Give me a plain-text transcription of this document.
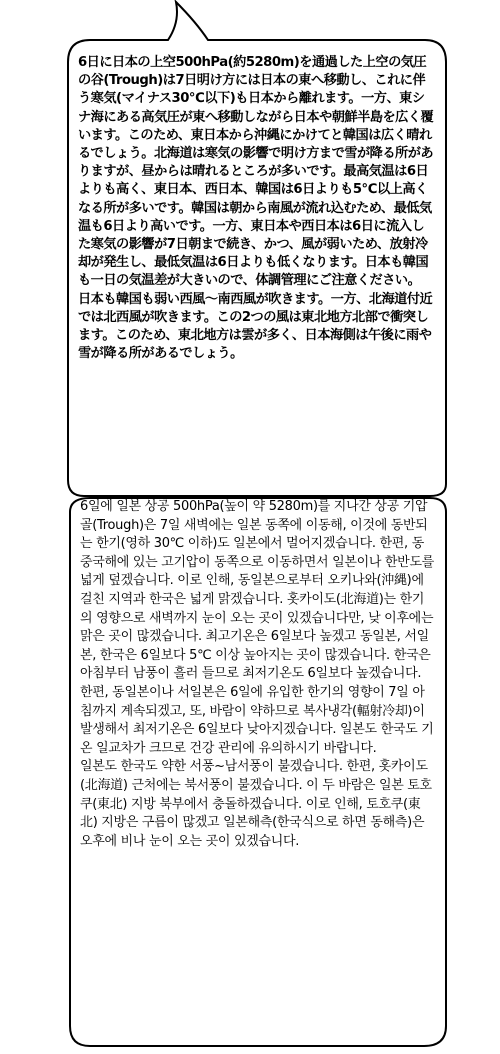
6日に日本の上空500hPa(約5280m)を通過した上空の気圧の谷(Trough)は7日明け方には日本の東へ移動し、これに伴う寒気(マイナス30℃以下)も日本から離れます。一方、東シナ海にある高気圧が東へ移動しながら日本や朝鮮半島を広く覆います。このため、東日本から沖縄にかけてと韓国は広く晴れるでしょう。北海道は寒気の影響で明け方まで雪が降る所がありますが、昼からは晴れるところが多いです。最高気温は6日よりも高く、東日本、西日本、韓国は6日よりも5℃以上高くなる所が多いです。韓国は朝から南風が流れ込むため、最低気温も6日より高いです。一方、東日本や西日本は6日に流入した寒気の影響が7日朝まで続き、かつ、風が弱いため、放射冷却が発生し、最低気温は6日よりも低くなります。日本も韓国も一日の気温差が大きいので、体調管理にご注意ください。

日本も韓国も弱い西風～南西風が吹きます。一方、北海道付近では北西風が吹きます。この2つの風は東北地方北部で衝突します。このため、東北地方は雲が多く、日本海側は午後に雨や雪が降る所があるでしょう。

6일에 일본 상공 500hPa(높이 약 5280m)를 지나간 상공 기압골(Trough)은 7일 새벽에는 일본 동쪽에 이동해, 이것에 동반되는 한기(영하 30℃ 이하)도 일본에서 멀어지겠습니다. 한편, 동중국해에 있는 고기압이 동쪽으로 이동하면서 일본이나 한반도를 넓게 덮겠습니다. 이로 인해, 동일본으로부터 오키나와(沖縄)에 걸친 지역과 한국은 넓게 맑겠습니다. 홋카이도(北海道)는 한기의 영향으로 새벽까지 눈이 오는 곳이 있겠습니다만, 낮 이후에는 맑은 곳이 많겠습니다. 최고기온은 6일보다 높겠고 동일본, 서일본, 한국은 6일보다 5℃ 이상 높아지는 곳이 많겠습니다. 한국은 아침부터 남풍이 흘러 들므로 최저기온도 6일보다 높겠습니다. 한편, 동일본이나 서일본은 6일에 유입한 한기의 영향이 7일 아침까지 계속되겠고, 또, 바람이 약하므로 복사냉각(輻射冷却)이 발생해서 최저기온은 6일보다 낮아지겠습니다. 일본도 한국도 기온 일교차가 크므로 건강 관리에 유의하시기 바랍니다.

일본도 한국도 약한 서풍~남서풍이 불겠습니다. 한편, 홋카이도(北海道) 근처에는 북서풍이 불겠습니다. 이 두 바람은 일본 토호쿠(東北) 지방 북부에서 충돌하겠습니다. 이로 인해, 토호쿠(東北) 지방은 구름이 많겠고 일본해측(한국식으로 하면 동해측)은 오후에 비나 눈이 오는 곳이 있겠습니다.
